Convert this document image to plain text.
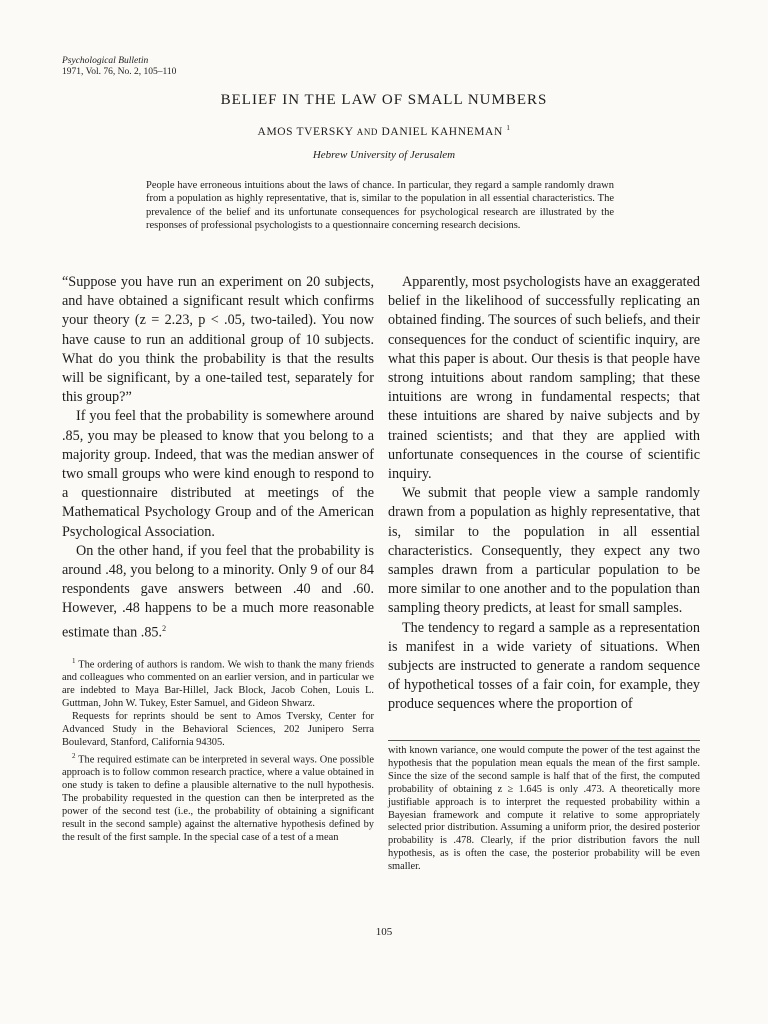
Psychological Bulletin
1971, Vol. 76, No. 2, 105–110
BELIEF IN THE LAW OF SMALL NUMBERS
AMOS TVERSKY AND DANIEL KAHNEMAN $^1$
Hebrew University of Jerusalem
People have erroneous intuitions about the laws of chance. In particular, they regard a sample randomly drawn from a population as highly representative, that is, similar to the population in all essential characteristics. The prevalence of the belief and its unfortunate consequences for psychological research are illustrated by the responses of professional psychologists to a questionnaire concerning research decisions.

“Suppose you have run an experiment on 20 subjects, and have obtained a significant result which confirms your theory (z = 2.23, p < .05, two-tailed). You now have cause to run an additional group of 10 subjects. What do you think the probability is that the results will be significant, by a one-tailed test, separately for this group?”

If you feel that the probability is somewhere around .85, you may be pleased to know that you belong to a majority group. Indeed, that was the median answer of two small groups who were kind enough to respond to a questionnaire distributed at meetings of the Mathematical Psychology Group and of the American Psychological Association.

On the other hand, if you feel that the probability is around .48, you belong to a minority. Only 9 of our 84 respondents gave answers between .40 and .60. However, .48 happens to be a much more reasonable estimate than .85.$^2$

$^1$ The ordering of authors is random. We wish to thank the many friends and colleagues who commented on an earlier version, and in particular we are indebted to Maya Bar-Hillel, Jack Block, Jacob Cohen, Louis L. Guttman, John W. Tukey, Ester Samuel, and Gideon Shwarz.

Requests for reprints should be sent to Amos Tversky, Center for Advanced Study in the Behavioral Sciences, 202 Junipero Serra Boulevard, Stanford, California 94305.

$^2$ The required estimate can be interpreted in several ways. One possible approach is to follow common research practice, where a value obtained in one study is taken to define a plausible alternative to the null hypothesis. The probability requested in the question can then be interpreted as the power of the second test (i.e., the probability of obtaining a significant result in the second sample) against the alternative hypothesis defined by the result of the first sample. In the special case of a test of a mean

Apparently, most psychologists have an exaggerated belief in the likelihood of successfully replicating an obtained finding. The sources of such beliefs, and their consequences for the conduct of scientific inquiry, are what this paper is about. Our thesis is that people have strong intuitions about random sampling; that these intuitions are wrong in fundamental respects; that these intuitions are shared by naive subjects and by trained scientists; and that they are applied with unfortunate consequences in the course of scientific inquiry.

We submit that people view a sample randomly drawn from a population as highly representative, that is, similar to the population in all essential characteristics. Consequently, they expect any two samples drawn from a particular population to be more similar to one another and to the population than sampling theory predicts, at least for small samples.

The tendency to regard a sample as a representation is manifest in a wide variety of situations. When subjects are instructed to generate a random sequence of hypothetical tosses of a fair coin, for example, they produce sequences where the proportion of

with known variance, one would compute the power of the test against the hypothesis that the population mean equals the mean of the first sample. Since the size of the second sample is half that of the first, the computed probability of obtaining z ≥ 1.645 is only .473. A theoretically more justifiable approach is to interpret the requested probability within a Bayesian framework and compute it relative to some appropriately selected prior distribution. Assuming a uniform prior, the desired posterior probability is .478. Clearly, if the prior distribution favors the null hypothesis, as is often the case, the posterior probability will be even smaller.

105
